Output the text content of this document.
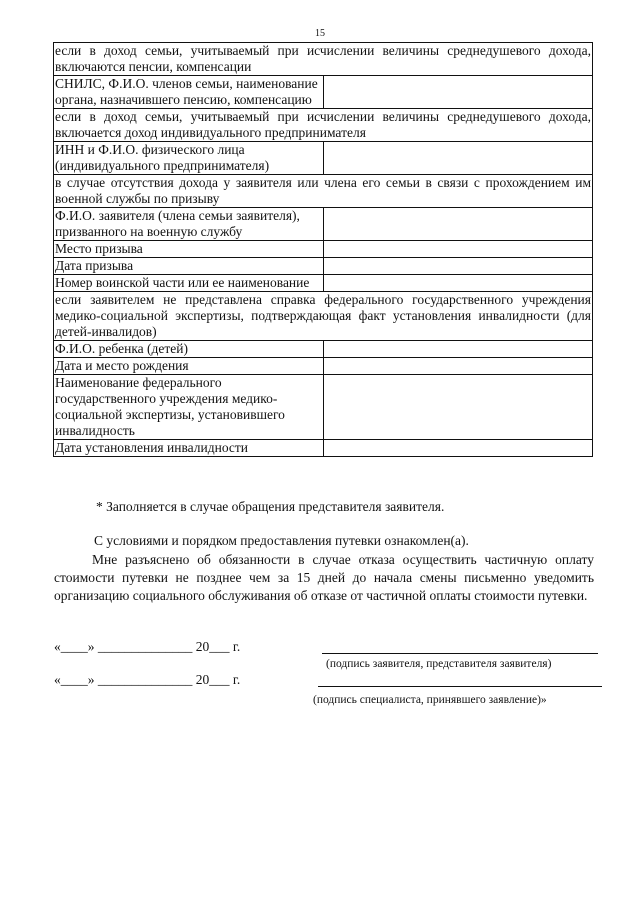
15
если в доход семьи, учитываемый при исчислении величины среднедушевого дохода, включаются пенсии, компенсации	
СНИЛС, Ф.И.О. членов семьи, наименование органа, назначившего пенсию, компенсацию	
если в доход семьи, учитываемый при исчислении величины среднедушевого дохода, включается доход индивидуального предпринимателя	
ИНН и Ф.И.О. физического лица (индивидуального предпринимателя)	
в случае отсутствия дохода у заявителя или члена его семьи в связи с прохождением им военной службы по призыву	
Ф.И.О. заявителя (члена семьи заявителя), призванного на военную службу	
Место призыва	
Дата призыва	
Номер воинской части или ее наименование	
если заявителем не представлена справка федерального государственного учреждения медико-социальной экспертизы, подтверждающая факт установления инвалидности (для детей-инвалидов)	
Ф.И.О. ребенка (детей)	
Дата и место рождения	
Наименование федерального государственного учреждения медико-социальной экспертизы, установившего инвалидность	
Дата установления инвалидности	
* Заполняется в случае обращения представителя заявителя.
С условиями и порядком предоставления путевки ознакомлен(а).
Мне разъяснено об обязанности в случае отказа осуществить частичную оплату стоимости путевки не позднее чем за 15 дней до начала смены письменно уведомить организацию социального обслуживания об отказе от частичной оплаты стоимости путевки.
«____» ______________ 20___ г.
(подпись заявителя, представителя заявителя)
«____» ______________ 20___ г.
(подпись специалиста, принявшего заявление)»
